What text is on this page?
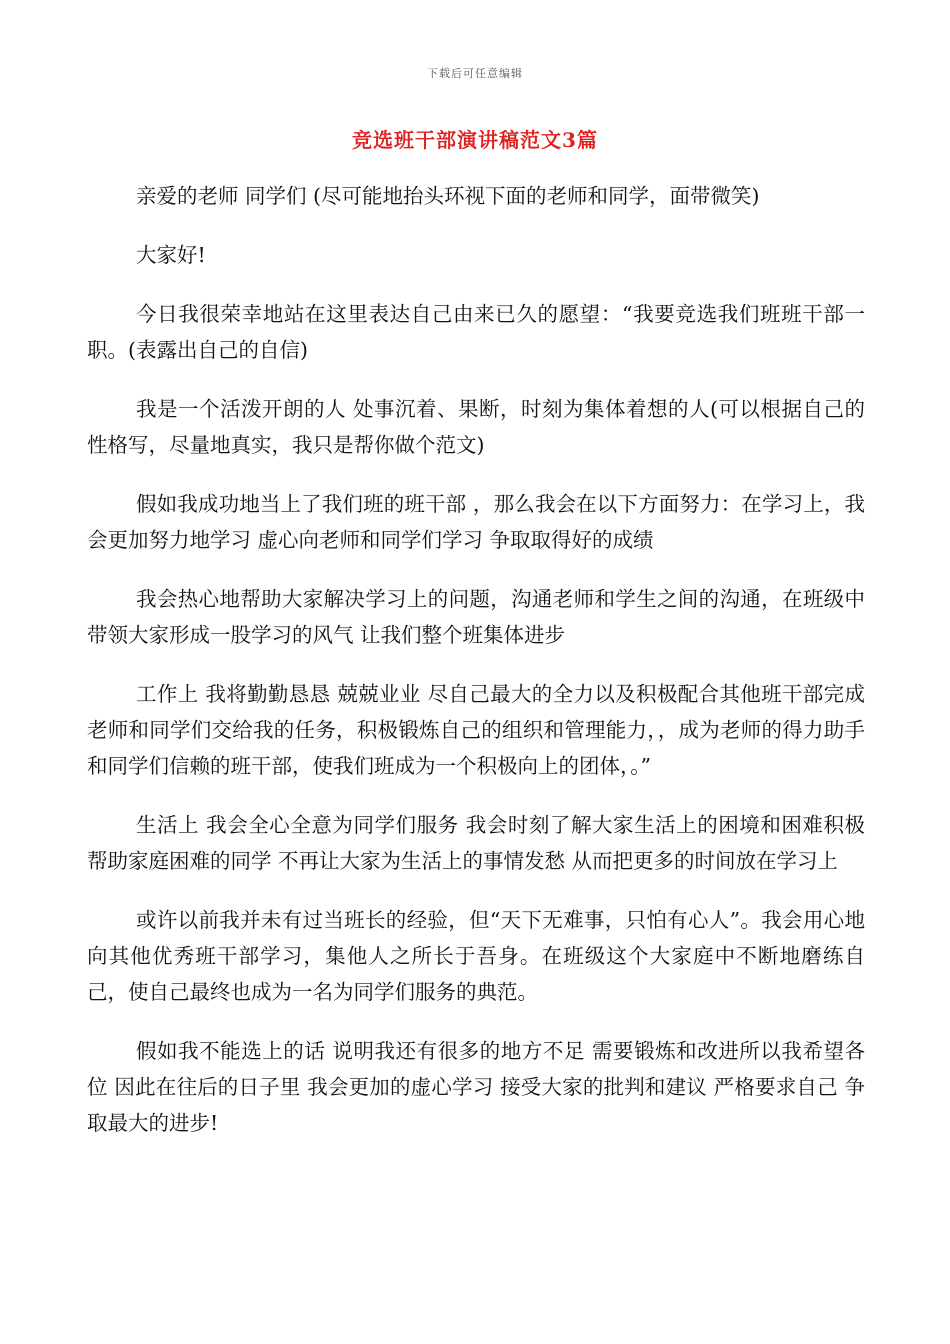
下载后可任意编辑
竞选班干部演讲稿范文3篇

亲爱的老师 同学们 (尽可能地抬头环视下面的老师和同学，面带微笑)

大家好!

今日我很荣幸地站在这里表达自己由来已久的愿望：“我要竞选我们班班干部一职。(表露出自己的自信)

我是一个活泼开朗的人 处事沉着、果断，时刻为集体着想的人(可以根据自己的性格写，尽量地真实，我只是帮你做个范文)

假如我成功地当上了我们班的班干部 ，那么我会在以下方面努力：在学习上，我会更加努力地学习 虚心向老师和同学们学习 争取取得好的成绩

我会热心地帮助大家解决学习上的问题，沟通老师和学生之间的沟通，在班级中带领大家形成一股学习的风气 让我们整个班集体进步

工作上 我将勤勤恳恳 兢兢业业 尽自己最大的全力以及积极配合其他班干部完成老师和同学们交给我的任务，积极锻炼自己的组织和管理能力，，成为老师的得力助手和同学们信赖的班干部，使我们班成为一个积极向上的团体，。”

生活上 我会全心全意为同学们服务 我会时刻了解大家生活上的困境和困难积极帮助家庭困难的同学 不再让大家为生活上的事情发愁 从而把更多的时间放在学习上

或许以前我并未有过当班长的经验，但“天下无难事，只怕有心人”。我会用心地向其他优秀班干部学习，集他人之所长于吾身。在班级这个大家庭中不断地磨练自己，使自己最终也成为一名为同学们服务的典范。

假如我不能选上的话 说明我还有很多的地方不足 需要锻炼和改进所以我希望各位 因此在往后的日子里 我会更加的虚心学习 接受大家的批判和建议 严格要求自己 争取最大的进步!
